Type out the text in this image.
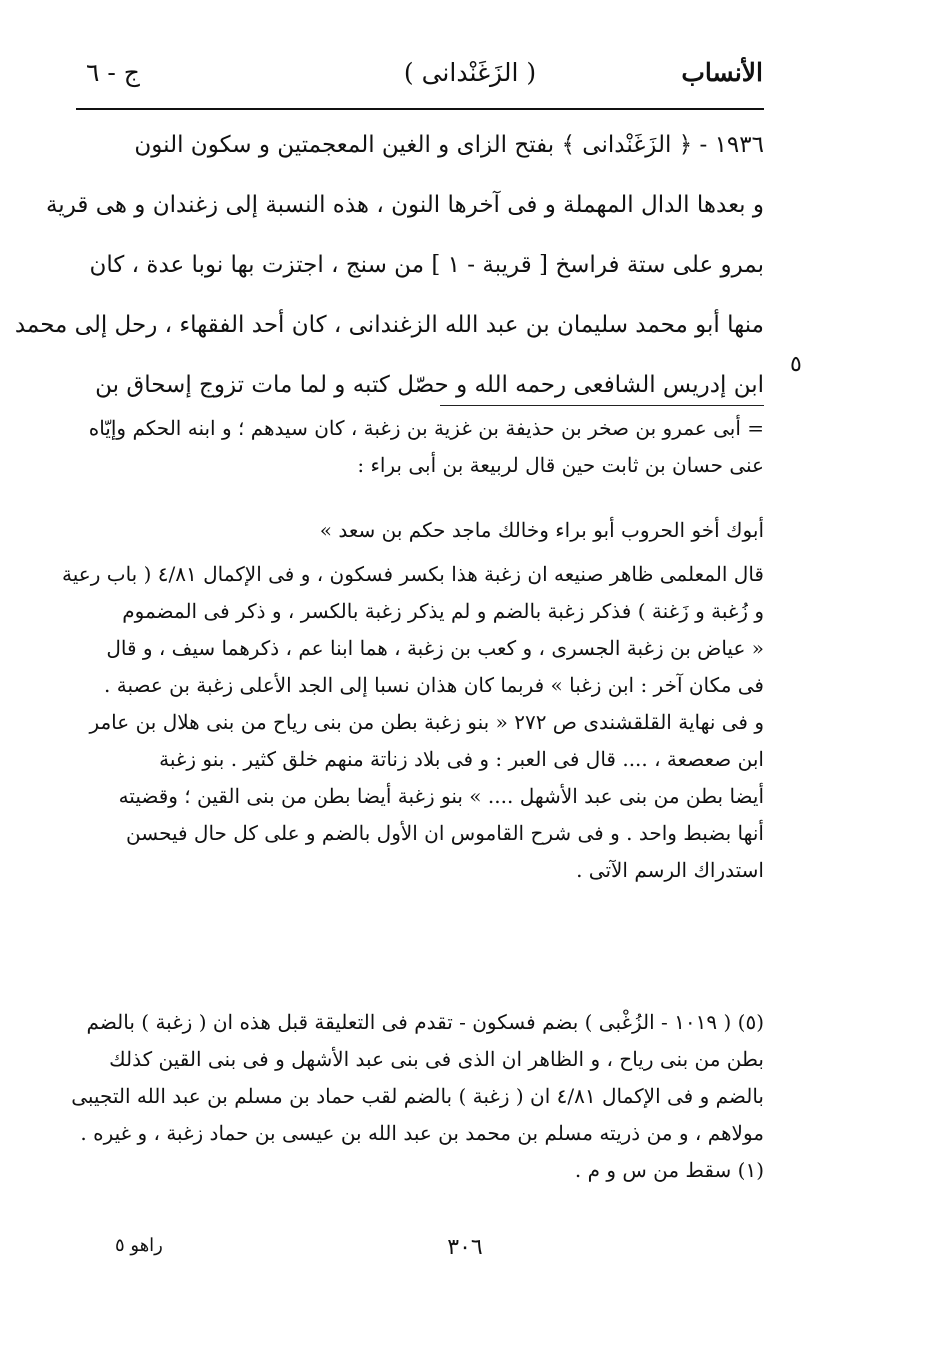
الأنساب
( الزَغَنْدانى )
ج - ٦
١٩٣٦ - ﴿ الزَغَنْدانى ﴾ بفتح الزاى و الغين المعجمتين و سكون النون
و بعدها الدال المهملة و فى آخرها النون ، هذه النسبة إلى زغندان و هى قرية
بمرو على ستة فراسخ [ قريبة - ١ ] من سنج ، اجتزت بها نوبا عدة ، كان
منها أبو محمد سليمان بن عبد الله الزغندانى ، كان أحد الفقهاء ، رحل إلى محمد
ابن إدريس الشافعى رحمه الله و حصّل كتبه و لما مات تزوج إسحاق بن
٥
= أبى عمرو بن صخر بن حذيفة بن غزية بن زغبة ، كان سيدهم ؛ و ابنه الحكم وإيّاه
عنى حسان بن ثابت حين قال لربيعة بن أبى براء :
أبوك أخو الحروب أبو براء وخالك ماجد حكم بن سعد »
قال المعلمى ظاهر صنيعه ان زغبة هذا بكسر فسكون ، و فى الإكمال ٤/٨١ ( باب رعية
و زُغبة و زَغنة ) فذكر زغبة بالضم و لم يذكر زغبة بالكسر ، و ذكر فى المضموم
« عياض بن زغبة الجسرى ، و كعب بن زغبة ، هما ابنا عم ، ذكرهما سيف ، و قال
فى مكان آخر : ابن زغبا » فربما كان هذان نسبا إلى الجد الأعلى زغبة بن عصبة .
و فى نهاية القلقشندى ص ٢٧٢ « بنو زغبة بطن من بنى رياح من بنى هلال بن عامر
ابن صعصعة ، .... قال فى العبر : و فى بلاد زناتة منهم خلق كثير . بنو زغبة
أيضا بطن من بنى عبد الأشهل .... » بنو زغبة أيضا بطن من بنى القين ؛ وقضيته
أنها بضبط واحد . و فى شرح القاموس ان الأول بالضم و على كل حال فيحسن
استدراك الرسم الآتى .
(٥) ( ١٠١٩ - الزُغْبى ) بضم فسكون - تقدم فى التعليقة قبل هذه ان ( زغبة ) بالضم
بطن من بنى رياح ، و الظاهر ان الذى فى بنى عبد الأشهل و فى بنى القين كذلك
بالضم و فى الإكمال ٤/٨١ ان ( زغبة ) بالضم لقب حماد بن مسلم بن عبد الله التجيبى
مولاهم ، و من ذريته مسلم بن محمد بن عبد الله بن عيسى بن حماد زغبة ، و غيره .
(١) سقط من س و م .
٣٠٦
راهو ٥
